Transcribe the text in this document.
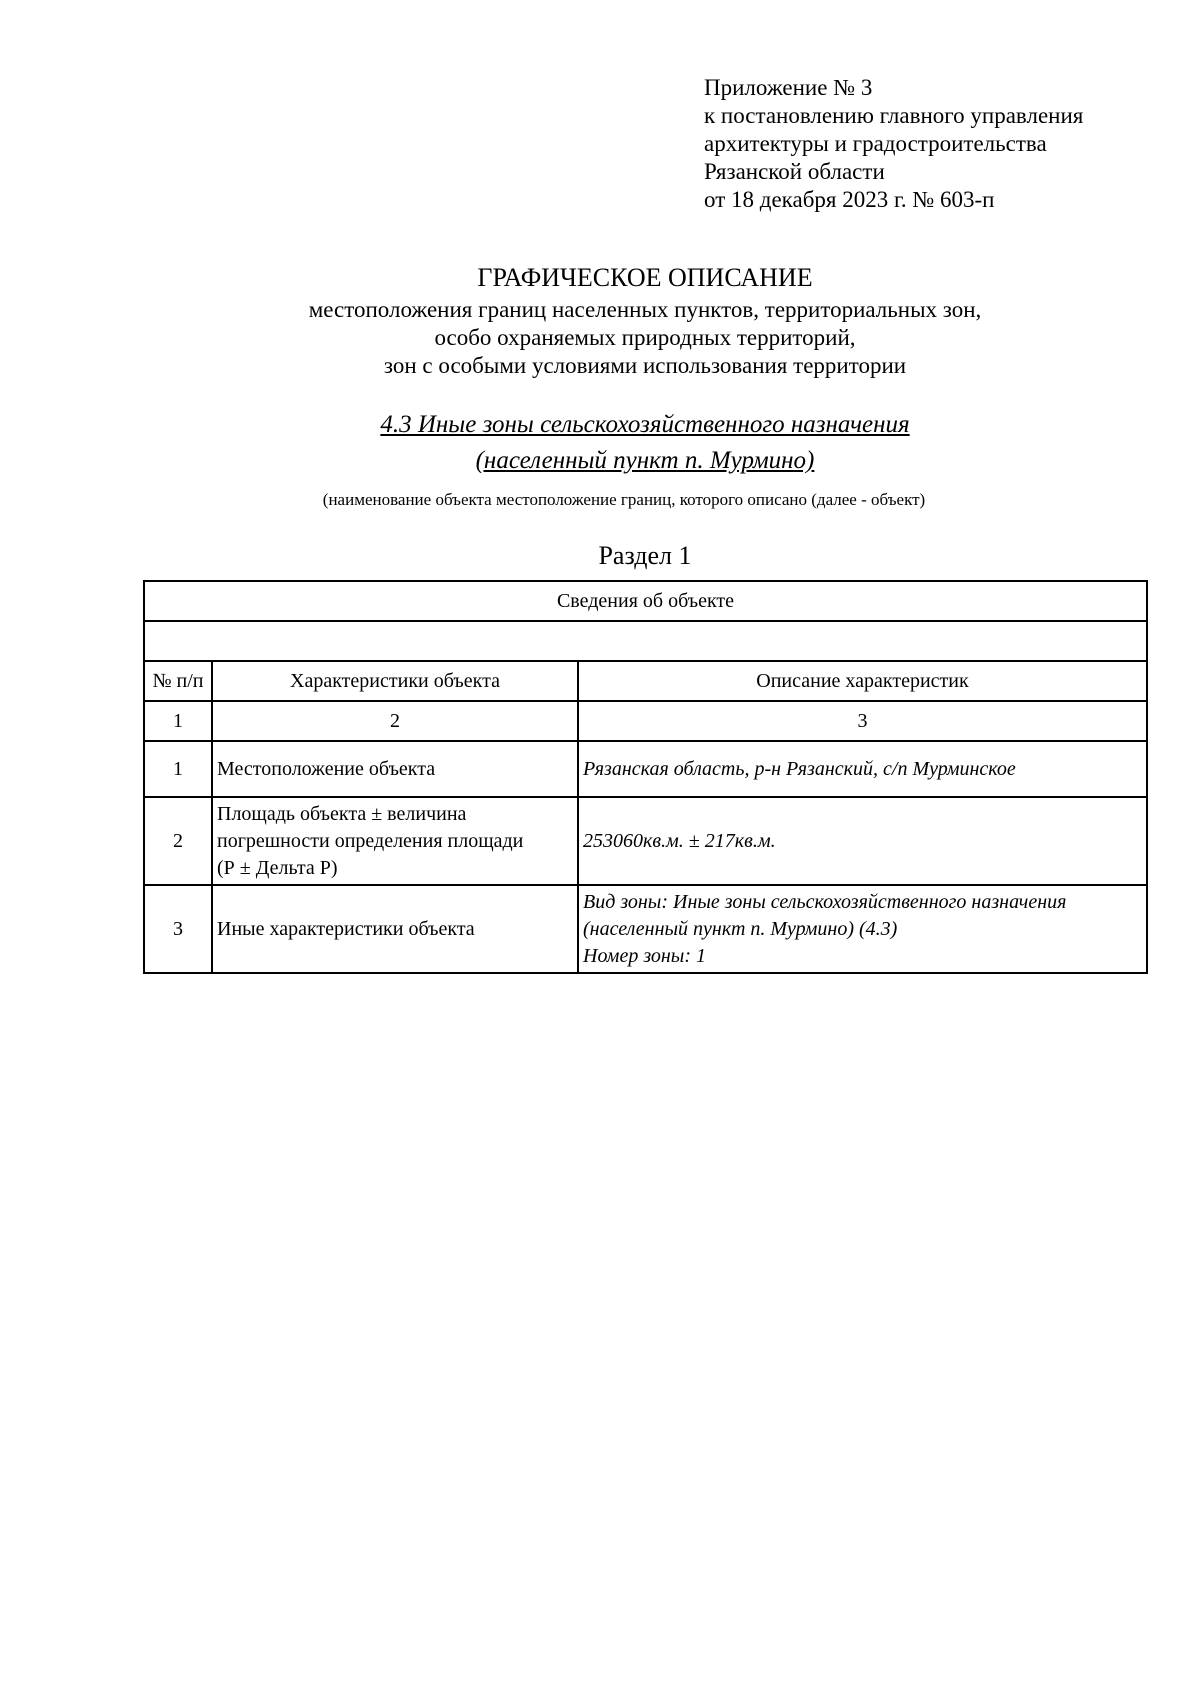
Приложение № 3
к постановлению главного управления
архитектуры и градостроительства
Рязанской области
от 18 декабря 2023 г. № 603-п
ГРАФИЧЕСКОЕ ОПИСАНИЕ
местоположения границ населенных пунктов, территориальных зон,
особо охраняемых природных территорий,
зон с особыми условиями использования территории
4.3 Иные зоны сельскохозяйственного назначения
(населенный пункт п. Мурмино)
(наименование объекта местоположение границ, которого описано (далее - объект)
Раздел 1
Сведения об объекте		

№ п/п	Характеристики объекта	Описание характеристик
1	2	3
1	Местоположение объекта	Рязанская область, р-н Рязанский, с/п Мурминское

2	Площадь объекта ± величина
погрешности определения площади
(Р ± Дельта Р)	253060кв.м. ± 217кв.м.

3	Иные характеристики объекта	Вид зоны: Иные зоны сельскохозяйственного назначения
(населенный пункт п. Мурмино) (4.3)
Номер зоны: 1
